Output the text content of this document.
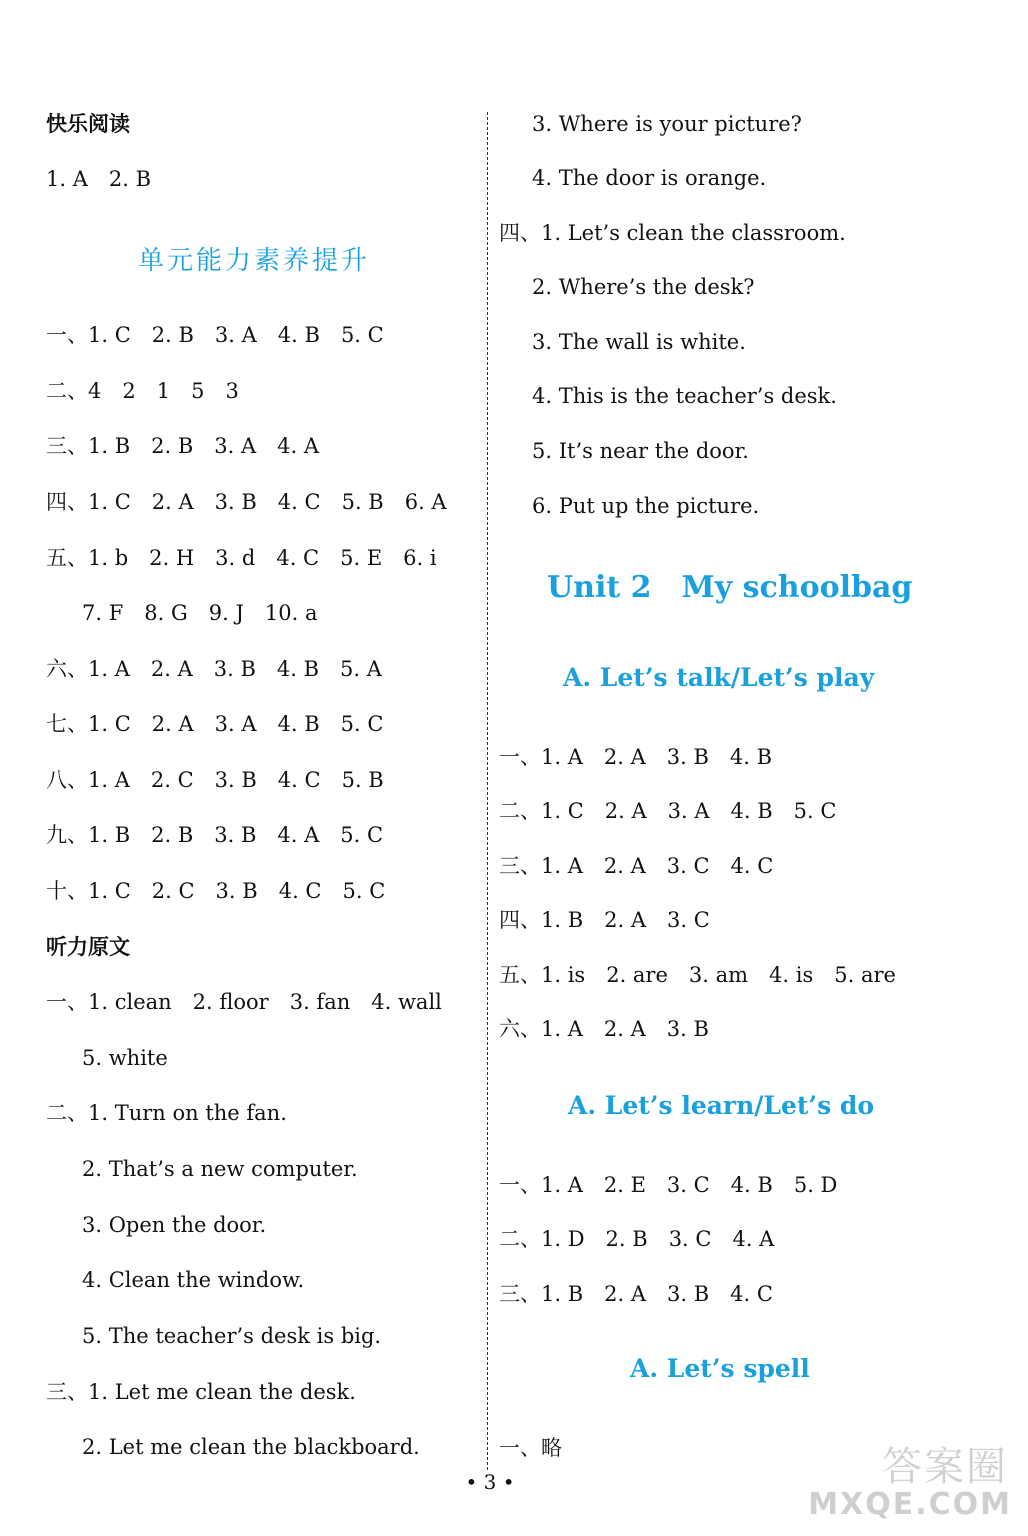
快乐阅读
1. A　2. B
单元能力素养提升
一、1. C　2. B　3. A　4. B　5. C
二、4　2　1　5　3
三、1. B　2. B　3. A　4. A
四、1. C　2. A　3. B　4. C　5. B　6. A
五、1. b　2. H　3. d　4. C　5. E　6. i
7. F　8. G　9. J　10. a
六、1. A　2. A　3. B　4. B　5. A
七、1. C　2. A　3. A　4. B　5. C
八、1. A　2. C　3. B　4. C　5. B
九、1. B　2. B　3. B　4. A　5. C
十、1. C　2. C　3. B　4. C　5. C
听力原文
一、1. clean　2. floor　3. fan　4. wall
5. white
二、1. Turn on the fan.
2. That’s a new computer.
3. Open the door.
4. Clean the window.
5. The teacher’s desk is big.
三、1. Let me clean the desk.
2. Let me clean the blackboard.
3. Where is your picture?
4. The door is orange.
四、1. Let’s clean the classroom.
2. Where’s the desk?
3. The wall is white.
4. This is the teacher’s desk.
5. It’s near the door.
6. Put up the picture.
Unit 2　My schoolbag
A. Let’s talk/Let’s play
一、1. A　2. A　3. B　4. B
二、1. C　2. A　3. A　4. B　5. C
三、1. A　2. A　3. C　4. C
四、1. B　2. A　3. C
五、1. is　2. are　3. am　4. is　5. are
六、1. A　2. A　3. B
A. Let’s learn/Let’s do
一、1. A　2. E　3. C　4. B　5. D
二、1. D　2. B　3. C　4. A
三、1. B　2. A　3. B　4. C
A. Let’s spell
一、略
• 3 •	答案圈
MXQE.COM
